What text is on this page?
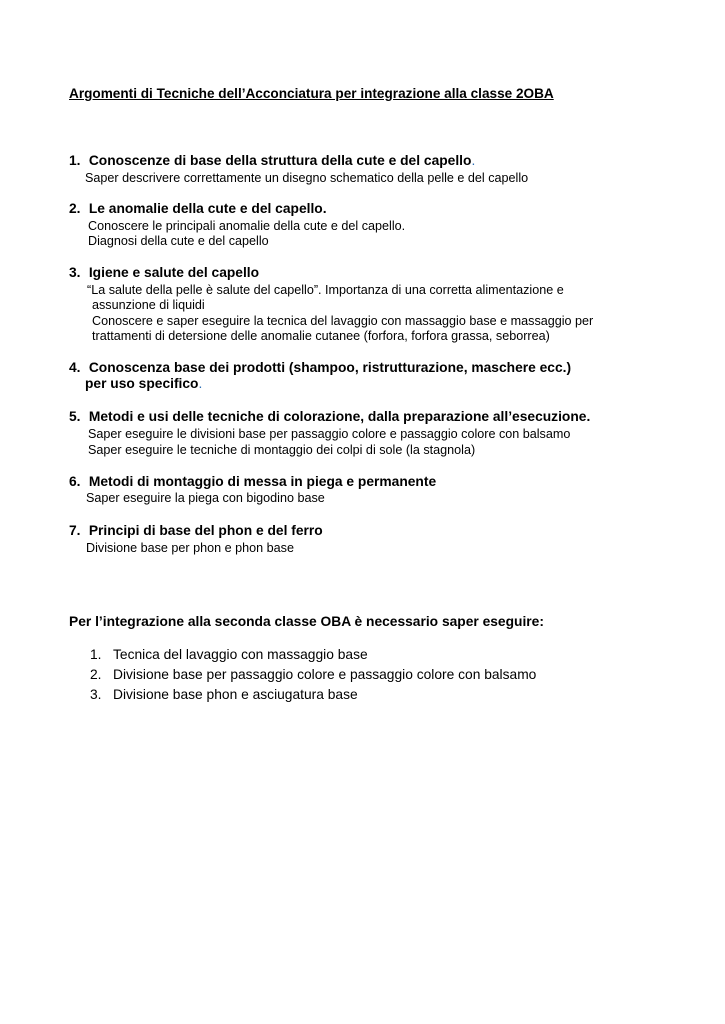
Argomenti di Tecniche dell’Acconciatura per integrazione alla classe 2OBA
1. Conoscenze di base della struttura della cute e del capello.
Saper descrivere correttamente un disegno schematico della pelle e del capello
2. Le anomalie della cute e del capello.
Conoscere le principali anomalie della cute e del capello.
Diagnosi della cute e del capello
3. Igiene e salute del capello
“La salute della pelle è salute del capello”. Importanza di una corretta alimentazione e
assunzione di liquidi
Conoscere e saper eseguire la tecnica del lavaggio con massaggio base e massaggio per
trattamenti di detersione delle anomalie cutanee (forfora, forfora grassa, seborrea)
4. Conoscenza base dei prodotti (shampoo, ristrutturazione, maschere ecc.)
per uso specifico.
5. Metodi e usi delle tecniche di colorazione, dalla preparazione all’esecuzione.
Saper eseguire le divisioni base per passaggio colore e passaggio colore con balsamo
Saper eseguire le tecniche di montaggio dei colpi di sole (la stagnola)
6. Metodi di montaggio di messa in piega e permanente
Saper eseguire la piega con bigodino base
7. Principi di base del phon e del ferro
Divisione base per phon e phon base
Per l’integrazione alla seconda classe OBA è necessario saper eseguire:
1. Tecnica del lavaggio con massaggio base
2. Divisione base per passaggio colore e passaggio colore con balsamo
3. Divisione base phon e asciugatura base
